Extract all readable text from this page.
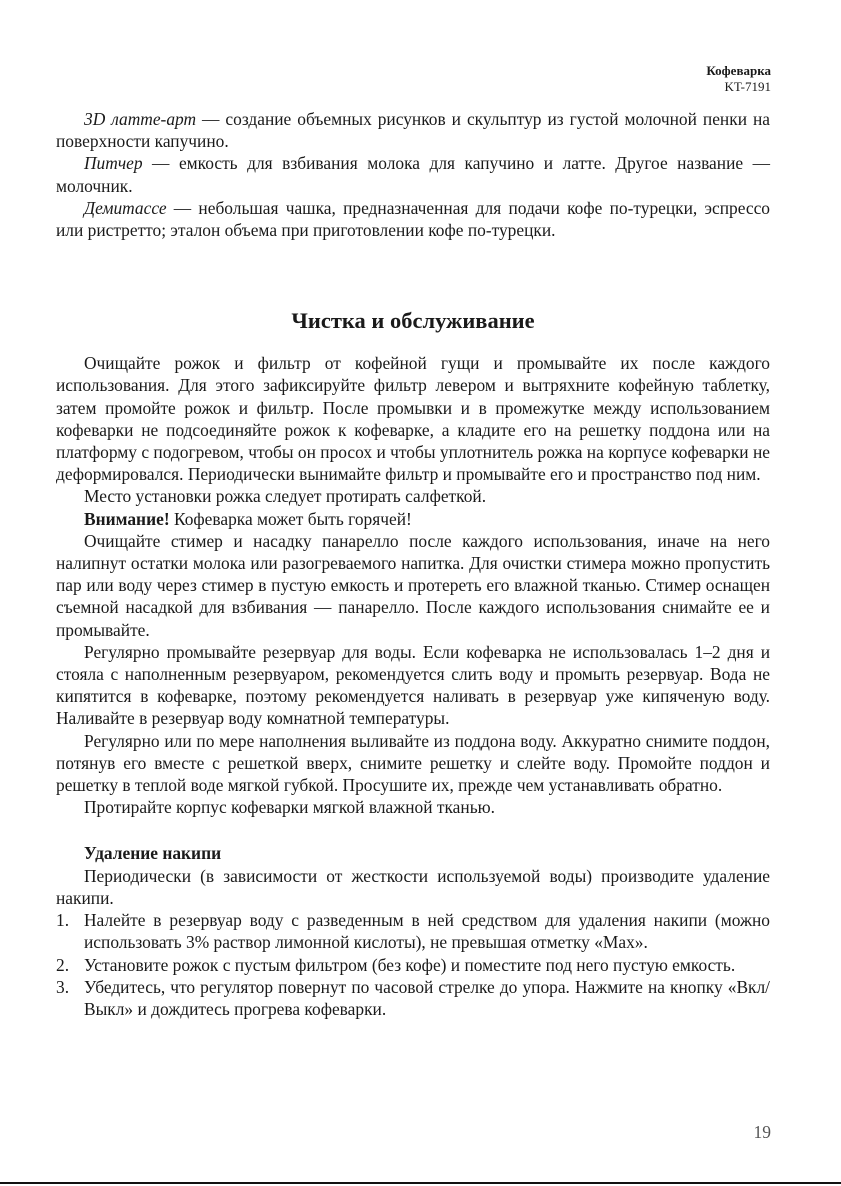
Кофеварка
KT-7191

3D латте-арт — создание объемных рисунков и скульптур из густой молочной пенки на поверхности капучино.

Питчер — емкость для взбивания молока для капучино и латте. Другое название — молочник.

Демитассе — небольшая чашка, предназначенная для подачи кофе по-турецки, эспрессо или ристретто; эталон объема при приготовлении кофе по-турецки.

Чистка и обслуживание

Очищайте рожок и фильтр от кофейной гущи и промывайте их после каждого использования. Для этого зафиксируйте фильтр левером и вытряхните кофейную таблетку, затем промойте рожок и фильтр. После промывки и в промежутке между использованием кофеварки не подсоединяйте рожок к кофеварке, а кладите его на решетку поддона или на платформу с подогревом, чтобы он просох и чтобы уплотнитель рожка на корпусе кофеварки не деформировался. Периодически вынимайте фильтр и промывайте его и пространство под ним.

Место установки рожка следует протирать салфеткой.

Внимание! Кофеварка может быть горячей!

Очищайте стимер и насадку панарелло после каждого использования, иначе на него налипнут остатки молока или разогреваемого напитка. Для очистки стимера можно пропустить пар или воду через стимер в пустую емкость и протереть его влажной тканью. Стимер оснащен съемной насадкой для взбивания — панарелло. После каждого использования снимайте ее и промывайте.

Регулярно промывайте резервуар для воды. Если кофеварка не использовалась 1–2 дня и стояла с наполненным резервуаром, рекомендуется слить воду и промыть резервуар. Вода не кипятится в кофеварке, поэтому рекомендуется наливать в резервуар уже кипяченую воду. Наливайте в резервуар воду комнатной температуры.

Регулярно или по мере наполнения выливайте из поддона воду. Аккуратно снимите поддон, потянув его вместе с решеткой вверх, снимите решетку и слейте воду. Промойте поддон и решетку в теплой воде мягкой губкой. Просушите их, прежде чем устанавливать обратно.

Протирайте корпус кофеварки мягкой влажной тканью.

Удаление накипи

Периодически (в зависимости от жесткости используемой воды) производите удаление накипи.

1. Налейте в резервуар воду с разведенным в ней средством для удаления накипи (можно использовать 3% раствор лимонной кислоты), не превышая отметку «Max».
2. Установите рожок с пустым фильтром (без кофе) и поместите под него пустую емкость.
3. Убедитесь, что регулятор повернут по часовой стрелке до упора. Нажмите на кнопку «Вкл/Выкл» и дождитесь прогрева кофеварки.
19
